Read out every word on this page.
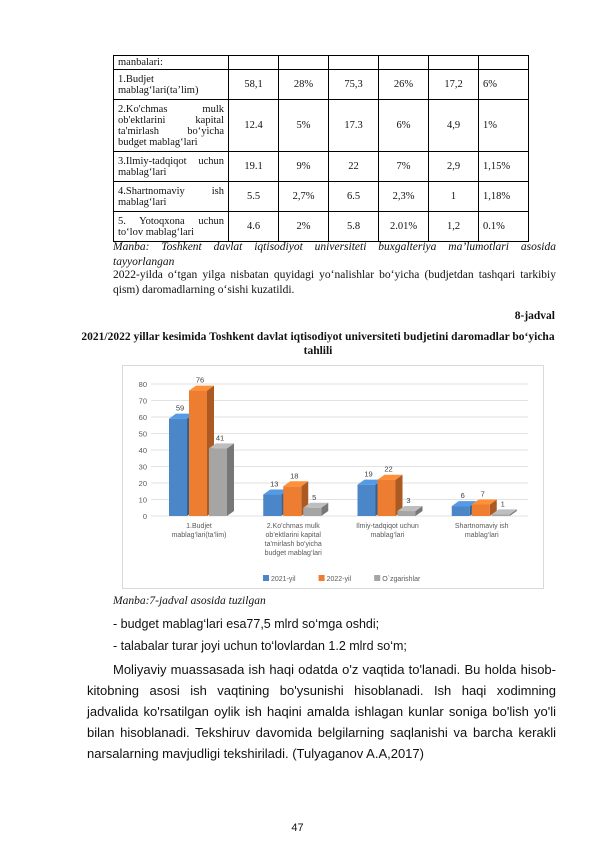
manbalari:						
1.Budjet mablag‘lari(ta’lim)	58,1	28%	75,3	26%	17,2	6%
2.Ko'chmas mulk ob'ektlarini kapital ta'mirlash bo‘yicha budget mablag‘lari	12.4	5%	17.3	6%	4,9	1%
3.Ilmiy-tadqiqot uchun mablag‘lari	19.1	9%	22	7%	2,9	1,15%
4.Shartnomaviy ish mablag‘lari	5.5	2,7%	6.5	2,3%	1	1,18%
5. Yotoqxona uchun to‘lov mablag‘lari	4.6	2%	5.8	2.01%	1,2	0.1%
Manba: Toshkent davlat iqtisodiyot universiteti buxgalteriya ma’lumotlari asosida tayyorlangan
2022-yilda o‘tgan yilga nisbatan quyidagi yo‘nalishlar bo‘yicha (budjetdan tashqari tarkibiy qism) daromadlarning o‘sishi kuzatildi.
8-jadval
2021/2022 yillar kesimida Toshkent davlat iqtisodiyot universiteti budjetini daromadlar bo‘yicha tahlili
0
10
20
30
40
50
60
70
80
59
76
41
1.Budjet
mablag‘lari(ta’lim)
13
18
5
2.Ko'chmas mulk
ob'ektlarini kapital
ta'mirlash bo'yicha
budget mablag‘lari
19
22
3
Ilmiy-tadqiqot uchun
mablag‘lari
6 7
1
Shartnomaviy ish
mablag‘lari
2021-yil	2022-yil	O`zgarishlar
Manba:7-jadval asosida tuzilgan
- budget mablag‘lari esa77,5 mlrd so‘mga oshdi;
- talabalar turar joyi uchun to‘lovlardan 1.2 mlrd so‘m;
Moliyaviy muassasada ish haqi odatda o'z vaqtida to'lanadi. Bu holda hisob-kitobning asosi ish vaqtining bo'ysunishi hisoblanadi. Ish haqi xodimning jadvalida ko'rsatilgan oylik ish haqini amalda ishlagan kunlar soniga bo'lish yo'li bilan hisoblanadi. Tekshiruv davomida belgilarning saqlanishi va barcha kerakli narsalarning mavjudligi tekshiriladi. (Tulyaganov A.A,2017)
47
